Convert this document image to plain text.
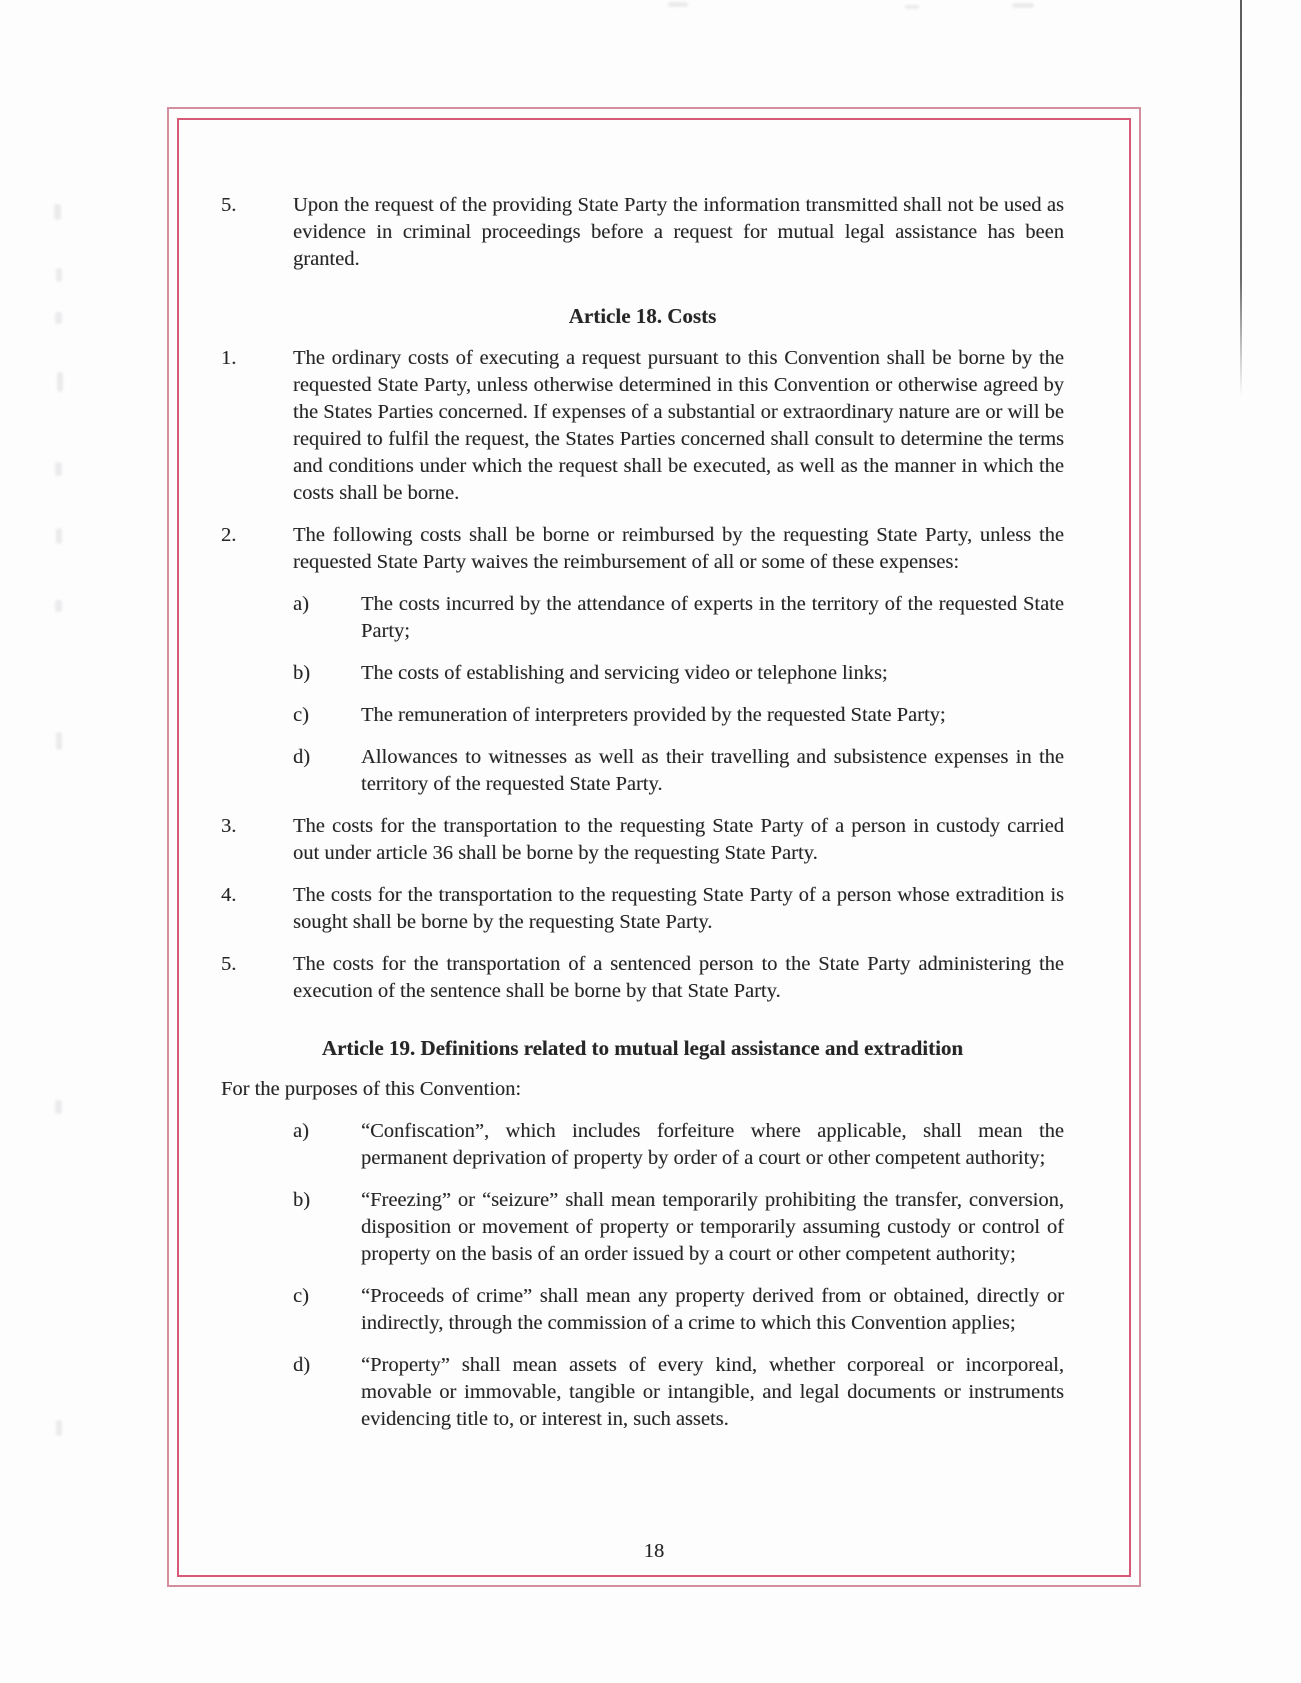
5.	Upon the request of the providing State Party the information transmitted shall not be used as evidence in criminal proceedings before a request for mutual legal assistance has been granted.

Article 18. Costs
1.	The ordinary costs of executing a request pursuant to this Convention shall be borne by the requested State Party, unless otherwise determined in this Convention or otherwise agreed by the States Parties concerned. If expenses of a substantial or extraordinary nature are or will be required to fulfil the request, the States Parties concerned shall consult to determine the terms and conditions under which the request shall be executed, as well as the manner in which the costs shall be borne.

2.	The following costs shall be borne or reimbursed by the requesting State Party, unless the requested State Party waives the reimbursement of all or some of these expenses:

a)	The costs incurred by the attendance of experts in the territory of the requested State Party;

b)	The costs of establishing and servicing video or telephone links;

c)	The remuneration of interpreters provided by the requested State Party;

d)	Allowances to witnesses as well as their travelling and subsistence expenses in the territory of the requested State Party.

3.	The costs for the transportation to the requesting State Party of a person in custody carried out under article 36 shall be borne by the requesting State Party.

4.	The costs for the transportation to the requesting State Party of a person whose extradition is sought shall be borne by the requesting State Party.

5.	The costs for the transportation of a sentenced person to the State Party administering the execution of the sentence shall be borne by that State Party.

Article 19. Definitions related to mutual legal assistance and extradition

For the purposes of this Convention:

a)	“Confiscation”, which includes forfeiture where applicable, shall mean the permanent deprivation of property by order of a court or other competent authority;

b)	“Freezing” or “seizure” shall mean temporarily prohibiting the transfer, conversion, disposition or movement of property or temporarily assuming custody or control of property on the basis of an order issued by a court or other competent authority;

c)	“Proceeds of crime” shall mean any property derived from or obtained, directly or indirectly, through the commission of a crime to which this Convention applies;

d)	“Property” shall mean assets of every kind, whether corporeal or incorporeal, movable or immovable, tangible or intangible, and legal documents or instruments evidencing title to, or interest in, such assets.

18
